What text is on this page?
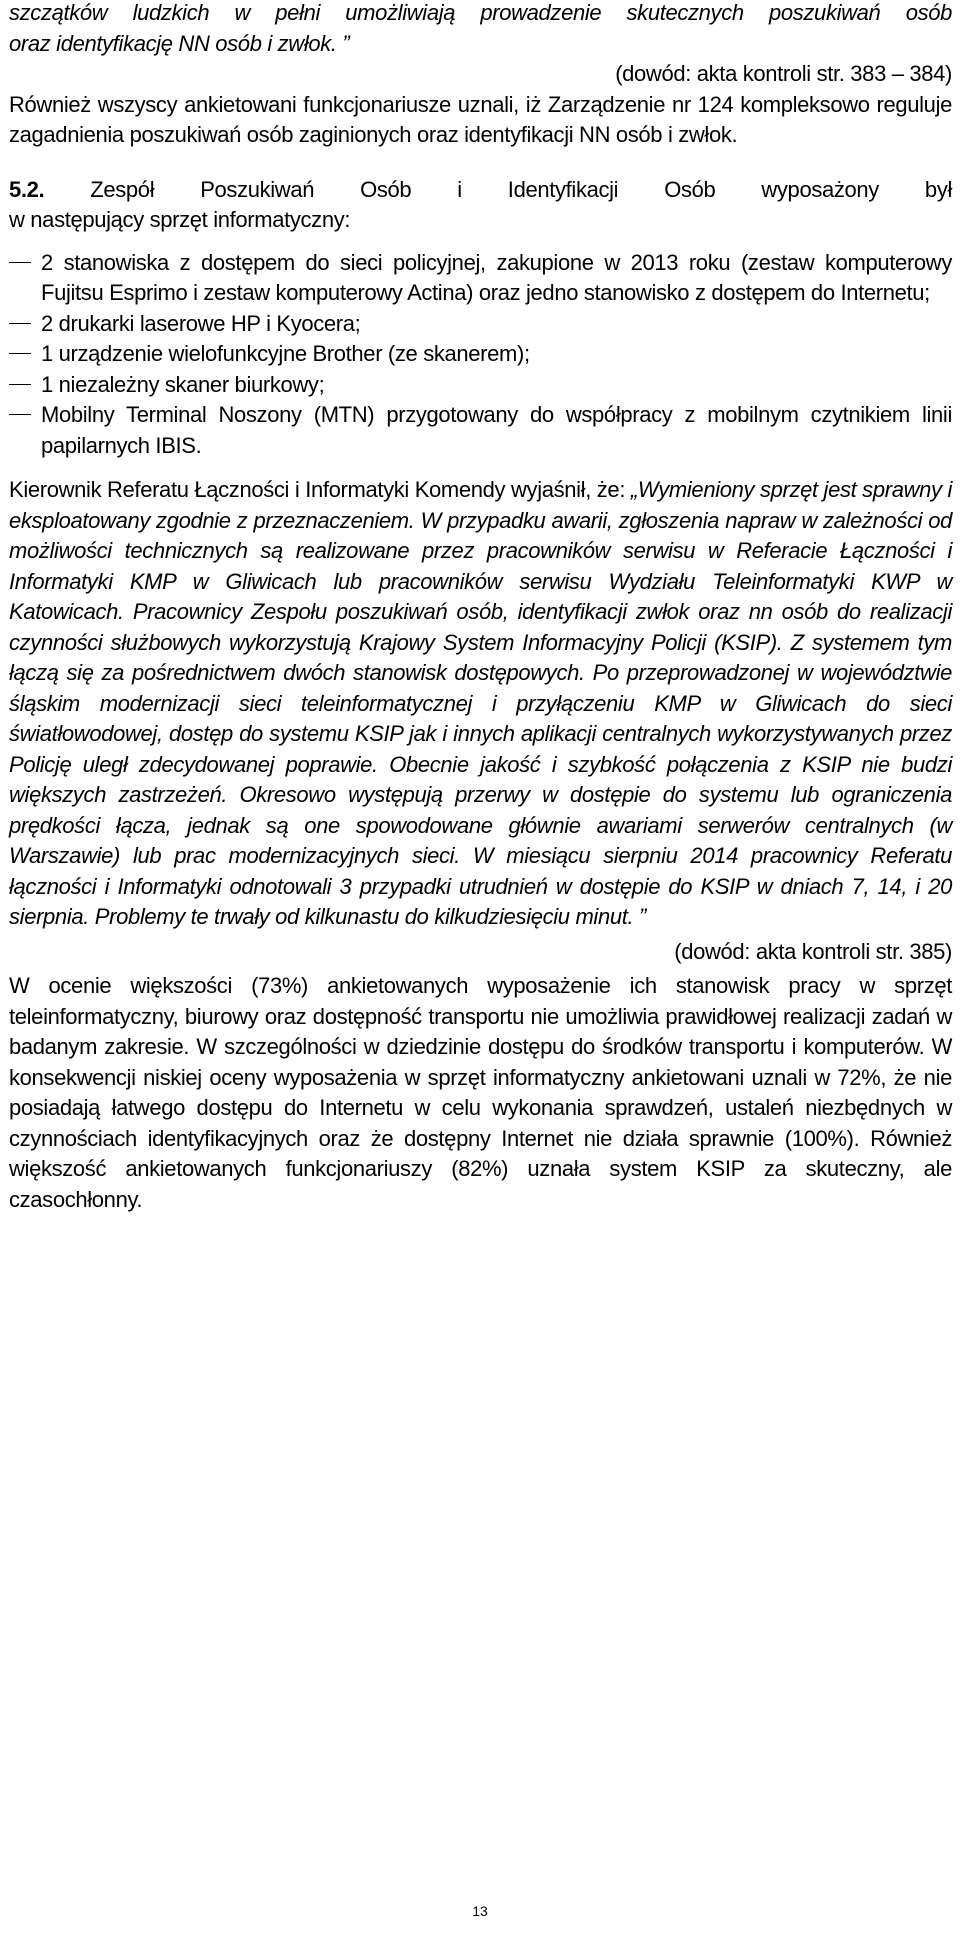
szczątków ludzkich w pełni umożliwiają prowadzenie skutecznych poszukiwań osób

oraz identyfikację NN osób i zwłok. ”

(dowód: akta kontroli str. 383 – 384)

Również wszyscy ankietowani funkcjonariusze uznali, iż Zarządzenie nr 124 kompleksowo reguluje zagadnienia poszukiwań osób zaginionych oraz identyfikacji NN osób i zwłok.

5.2. Zespół Poszukiwań Osób i Identyfikacji Osób wyposażony był
w następujący sprzęt informatyczny:
2 stanowiska z dostępem do sieci policyjnej, zakupione w 2013 roku (zestaw komputerowy Fujitsu Esprimo i zestaw komputerowy Actina) oraz jedno stanowisko z dostępem do Internetu;
2 drukarki laserowe HP i Kyocera;
1 urządzenie wielofunkcyjne Brother (ze skanerem);
1 niezależny skaner biurkowy;
Mobilny Terminal Noszony (MTN) przygotowany do współpracy z mobilnym czytnikiem linii papilarnych IBIS.

Kierownik Referatu Łączności i Informatyki Komendy wyjaśnił, że: „Wymieniony sprzęt jest sprawny i eksploatowany zgodnie z przeznaczeniem. W przypadku awarii, zgłoszenia napraw w zależności od możliwości technicznych są realizowane przez pracowników serwisu w Referacie Łączności i Informatyki KMP w Gliwicach lub pracowników serwisu Wydziału Teleinformatyki KWP w Katowicach. Pracownicy Zespołu poszukiwań osób, identyfikacji zwłok oraz nn osób do realizacji czynności służbowych wykorzystują Krajowy System Informacyjny Policji (KSIP). Z systemem tym łączą się za pośrednictwem dwóch stanowisk dostępowych. Po przeprowadzonej w województwie śląskim modernizacji sieci teleinformatycznej i przyłączeniu KMP w Gliwicach do sieci światłowodowej, dostęp do systemu KSIP jak i innych aplikacji centralnych wykorzystywanych przez Policję uległ zdecydowanej poprawie. Obecnie jakość i szybkość połączenia z KSIP nie budzi większych zastrzeżeń. Okresowo występują przerwy w dostępie do systemu lub ograniczenia prędkości łącza, jednak są one spowodowane głównie awariami serwerów centralnych (w Warszawie) lub prac modernizacyjnych sieci. W miesiącu sierpniu 2014 pracownicy Referatu łączności i Informatyki odnotowali 3 przypadki utrudnień w dostępie do KSIP w dniach 7, 14, i 20 sierpnia. Problemy te trwały od kilkunastu do kilkudziesięciu minut. ”

(dowód: akta kontroli str. 385)

W ocenie większości (73%) ankietowanych wyposażenie ich stanowisk pracy w sprzęt teleinformatyczny, biurowy oraz dostępność transportu nie umożliwia prawidłowej realizacji zadań w badanym zakresie. W szczególności w dziedzinie dostępu do środków transportu i komputerów. W konsekwencji niskiej oceny wyposażenia w sprzęt informatyczny ankietowani uznali w 72%, że nie posiadają łatwego dostępu do Internetu w celu wykonania sprawdzeń, ustaleń niezbędnych w czynnościach identyfikacyjnych oraz że dostępny Internet nie działa sprawnie (100%). Również większość ankietowanych funkcjonariuszy (82%) uznała system KSIP za skuteczny, ale czasochłonny.

13
